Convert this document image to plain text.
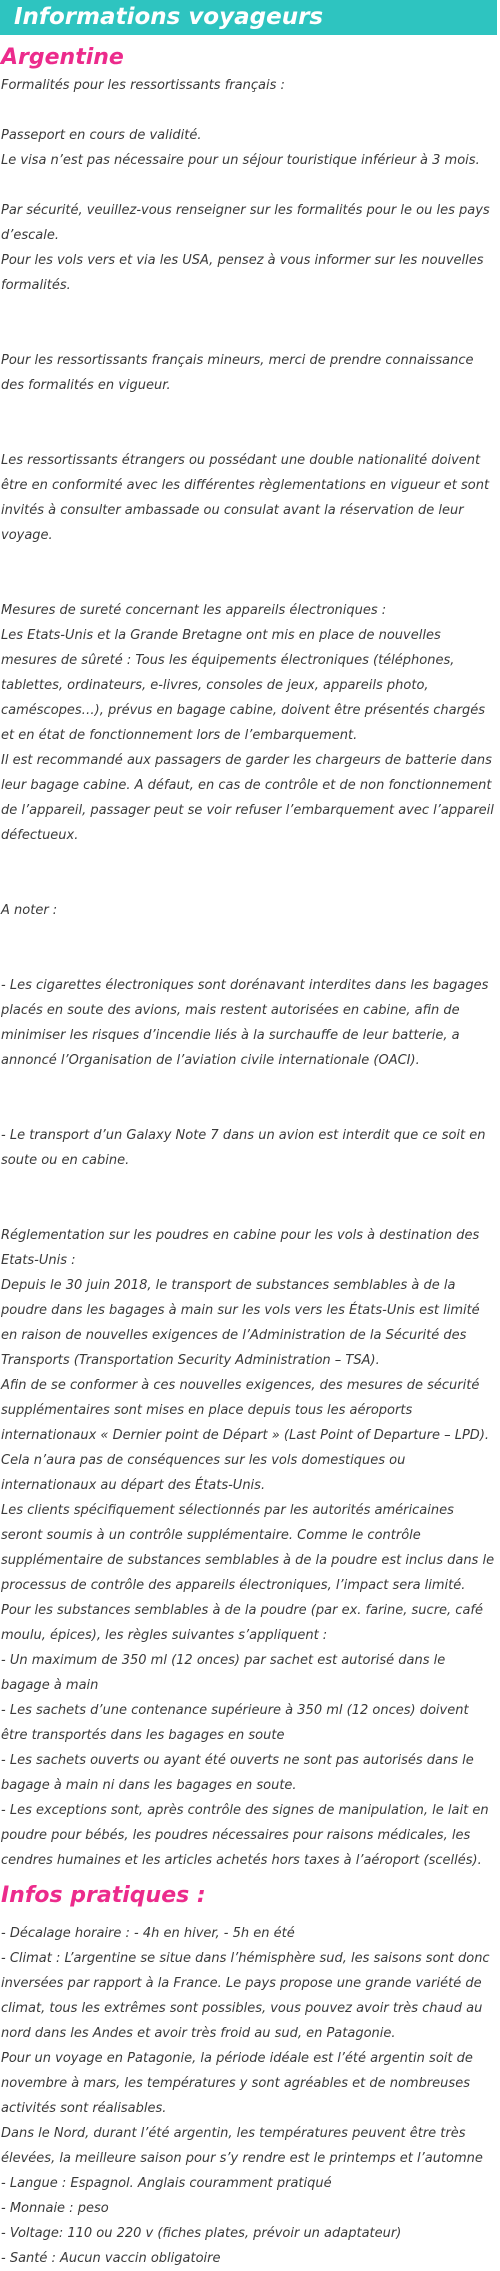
Informations voyageurs
Argentine

Formalités pour les ressortissants français :

Passeport en cours de validité.

Le visa n’est pas nécessaire pour un séjour touristique inférieur à 3 mois.

Par sécurité, veuillez-vous renseigner sur les formalités pour le ou les pays d’escale.

Pour les vols vers et via les USA, pensez à vous informer sur les nouvelles formalités.

Pour les ressortissants français mineurs, merci de prendre connaissance des formalités en vigueur.

Les ressortissants étrangers ou possédant une double nationalité doivent être en conformité avec les différentes règlementations en vigueur et sont invités à consulter ambassade ou consulat avant la réservation de leur voyage.

Mesures de sureté concernant les appareils électroniques :

Les Etats-Unis et la Grande Bretagne ont mis en place de nouvelles mesures de sûreté : Tous les équipements électroniques (téléphones, tablettes, ordinateurs, e-livres, consoles de jeux, appareils photo, caméscopes…), prévus en bagage cabine, doivent être présentés chargés et en état de fonctionnement lors de l’embarquement.

Il est recommandé aux passagers de garder les chargeurs de batterie dans leur bagage cabine. A défaut, en cas de contrôle et de non fonctionnement de l’appareil, passager peut se voir refuser l’embarquement avec l’appareil défectueux.

A noter :

- Les cigarettes électroniques sont dorénavant interdites dans les bagages placés en soute des avions, mais restent autorisées en cabine, afin de minimiser les risques d’incendie liés à la surchauffe de leur batterie, a annoncé l’Organisation de l’aviation civile internationale (OACI).

- Le transport d’un Galaxy Note 7 dans un avion est interdit que ce soit en soute ou en cabine.

Réglementation sur les poudres en cabine pour les vols à destination des Etats-Unis :

Depuis le 30 juin 2018, le transport de substances semblables à de la poudre dans les bagages à main sur les vols vers les États-Unis est limité en raison de nouvelles exigences de l’Administration de la Sécurité des Transports (Transportation Security Administration – TSA).

Afin de se conformer à ces nouvelles exigences, des mesures de sécurité supplémentaires sont mises en place depuis tous les aéroports internationaux « Dernier point de Départ » (Last Point of Departure – LPD). Cela n’aura pas de conséquences sur les vols domestiques ou internationaux au départ des États-Unis.

Les clients spécifiquement sélectionnés par les autorités américaines seront soumis à un contrôle supplémentaire. Comme le contrôle supplémentaire de substances semblables à de la poudre est inclus dans le processus de contrôle des appareils électroniques, l’impact sera limité.

Pour les substances semblables à de la poudre (par ex. farine, sucre, café moulu, épices), les règles suivantes s’appliquent :

- Un maximum de 350 ml (12 onces) par sachet est autorisé dans le bagage à main

- Les sachets d’une contenance supérieure à 350 ml (12 onces) doivent être transportés dans les bagages en soute

- Les sachets ouverts ou ayant été ouverts ne sont pas autorisés dans le bagage à main ni dans les bagages en soute.

- Les exceptions sont, après contrôle des signes de manipulation, le lait en poudre pour bébés, les poudres nécessaires pour raisons médicales, les cendres humaines et les articles achetés hors taxes à l’aéroport (scellés).

Infos pratiques :

- Décalage horaire : - 4h en hiver, - 5h en été

- Climat : L’argentine se situe dans l’hémisphère sud, les saisons sont donc inversées par rapport à la France. Le pays propose une grande variété de climat, tous les extrêmes sont possibles, vous pouvez avoir très chaud au nord dans les Andes et avoir très froid au sud, en Patagonie.

Pour un voyage en Patagonie, la période idéale est l’été argentin soit de novembre à mars, les températures y sont agréables et de nombreuses activités sont réalisables.

Dans le Nord, durant l’été argentin, les températures peuvent être très élevées, la meilleure saison pour s’y rendre est le printemps et l’automne

- Langue : Espagnol. Anglais couramment pratiqué

- Monnaie : peso

- Voltage: 110 ou 220 v (fiches plates, prévoir un adaptateur)

- Santé : Aucun vaccin obligatoire
